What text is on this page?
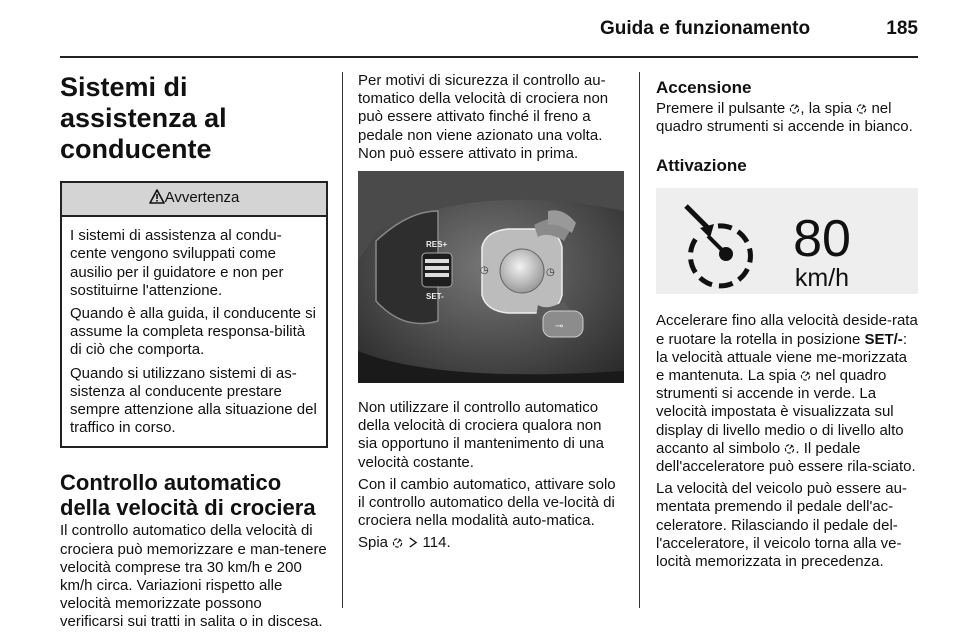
Guida e funzionamento	185
Sistemi di assistenza al conducente
Avvertenza

I sistemi di assistenza al condu-cente vengono sviluppati come ausilio per il guidatore e non per sostituirne l'attenzione.

Quando è alla guida, il conducente si assume la completa responsa-bilità di ciò che comporta.

Quando si utilizzano sistemi di as-sistenza al conducente prestare sempre attenzione alla situazione del traffico in corso.

Controllo automatico della velocità di crociera

Il controllo automatico della velocità di crociera può memorizzare e man-tenere velocità comprese tra 30 km/h e 200 km/h circa. Variazioni rispetto alle velocità memorizzate possono verificarsi sui tratti in salita o in discesa.

Per motivi di sicurezza il controllo au-tomatico della velocità di crociera non può essere attivato finché il freno a pedale non viene azionato una volta. Non può essere attivato in prima.

RES+
SET-
◷	◷
⊸

Non utilizzare il controllo automatico della velocità di crociera qualora non sia opportuno il mantenimento di una velocità costante.

Con il cambio automatico, attivare solo il controllo automatico della ve-locità di crociera nella modalità auto-matica.

Spia 114.

Accensione

Premere il pulsante , la spia nel quadro strumenti si accende in bianco.

Attivazione
80
km/h

Accelerare fino alla velocità deside-rata e ruotare la rotella in posizione SET/-: la velocità attuale viene me-morizzata e mantenuta. La spia nel quadro strumenti si accende in verde. La velocità impostata è visualizzata sul display di livello medio o di livello alto accanto al simbolo . Il pedale dell'acceleratore può essere rila-sciato.

La velocità del veicolo può essere au-mentata premendo il pedale dell'ac-celeratore. Rilasciando il pedale del-l'acceleratore, il veicolo torna alla ve-locità memorizzata in precedenza.
